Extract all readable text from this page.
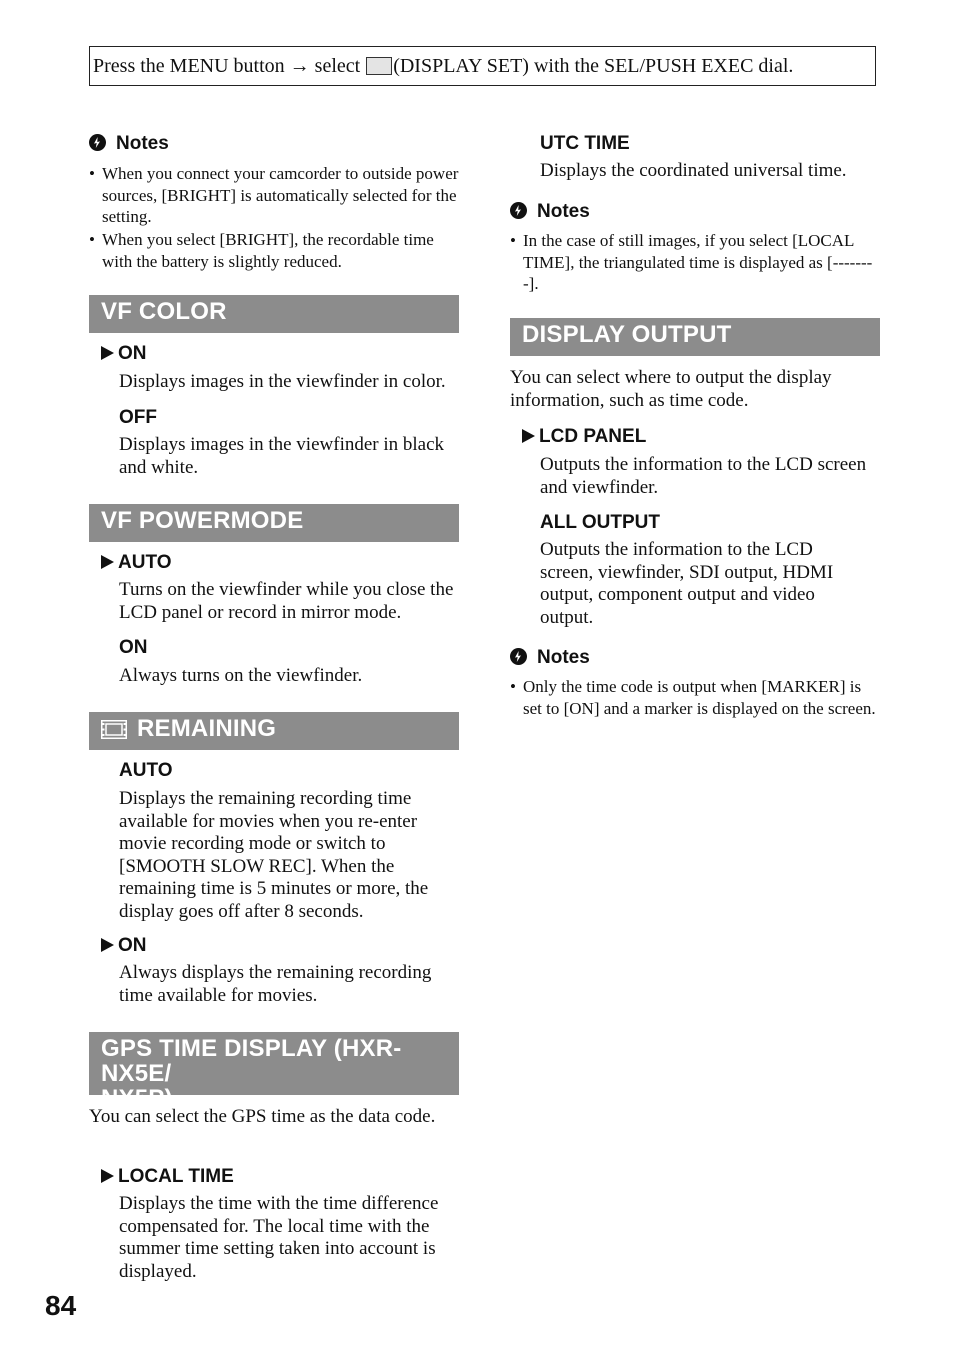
Press the MENU button → select (DISPLAY SET) with the SEL/PUSH EXEC dial.
Notes
• When you connect your camcorder to outside power sources, [BRIGHT] is automatically selected for the setting.
• When you select [BRIGHT], the recordable time with the battery is slightly reduced.
VF COLOR
ON
Displays images in the viewfinder in color.
OFF
Displays images in the viewfinder in black and white.
VF POWERMODE
AUTO
Turns on the viewfinder while you close the LCD panel or record in mirror mode.
ON
Always turns on the viewfinder.
REMAINING
AUTO
Displays the remaining recording time available for movies when you re-enter movie recording mode or switch to [SMOOTH SLOW REC]. When the remaining time is 5 minutes or more, the display goes off after 8 seconds.
ON
Always displays the remaining recording time available for movies.
GPS TIME DISPLAY (HXR-NX5E/
NX5P)
You can select the GPS time as the data code.
LOCAL TIME
Displays the time with the time difference compensated for. The local time with the summer time setting taken into account is displayed.
UTC TIME
Displays the coordinated universal time.
Notes
• In the case of still images, if you select [LOCAL TIME], the triangulated time is displayed as [--------].
DISPLAY OUTPUT
You can select where to output the display information, such as time code.
LCD PANEL
Outputs the information to the LCD screen and viewfinder.
ALL OUTPUT
Outputs the information to the LCD screen, viewfinder, SDI output, HDMI output, component output and video output.
Notes
• Only the time code is output when [MARKER] is set to [ON] and a marker is displayed on the screen.
84
